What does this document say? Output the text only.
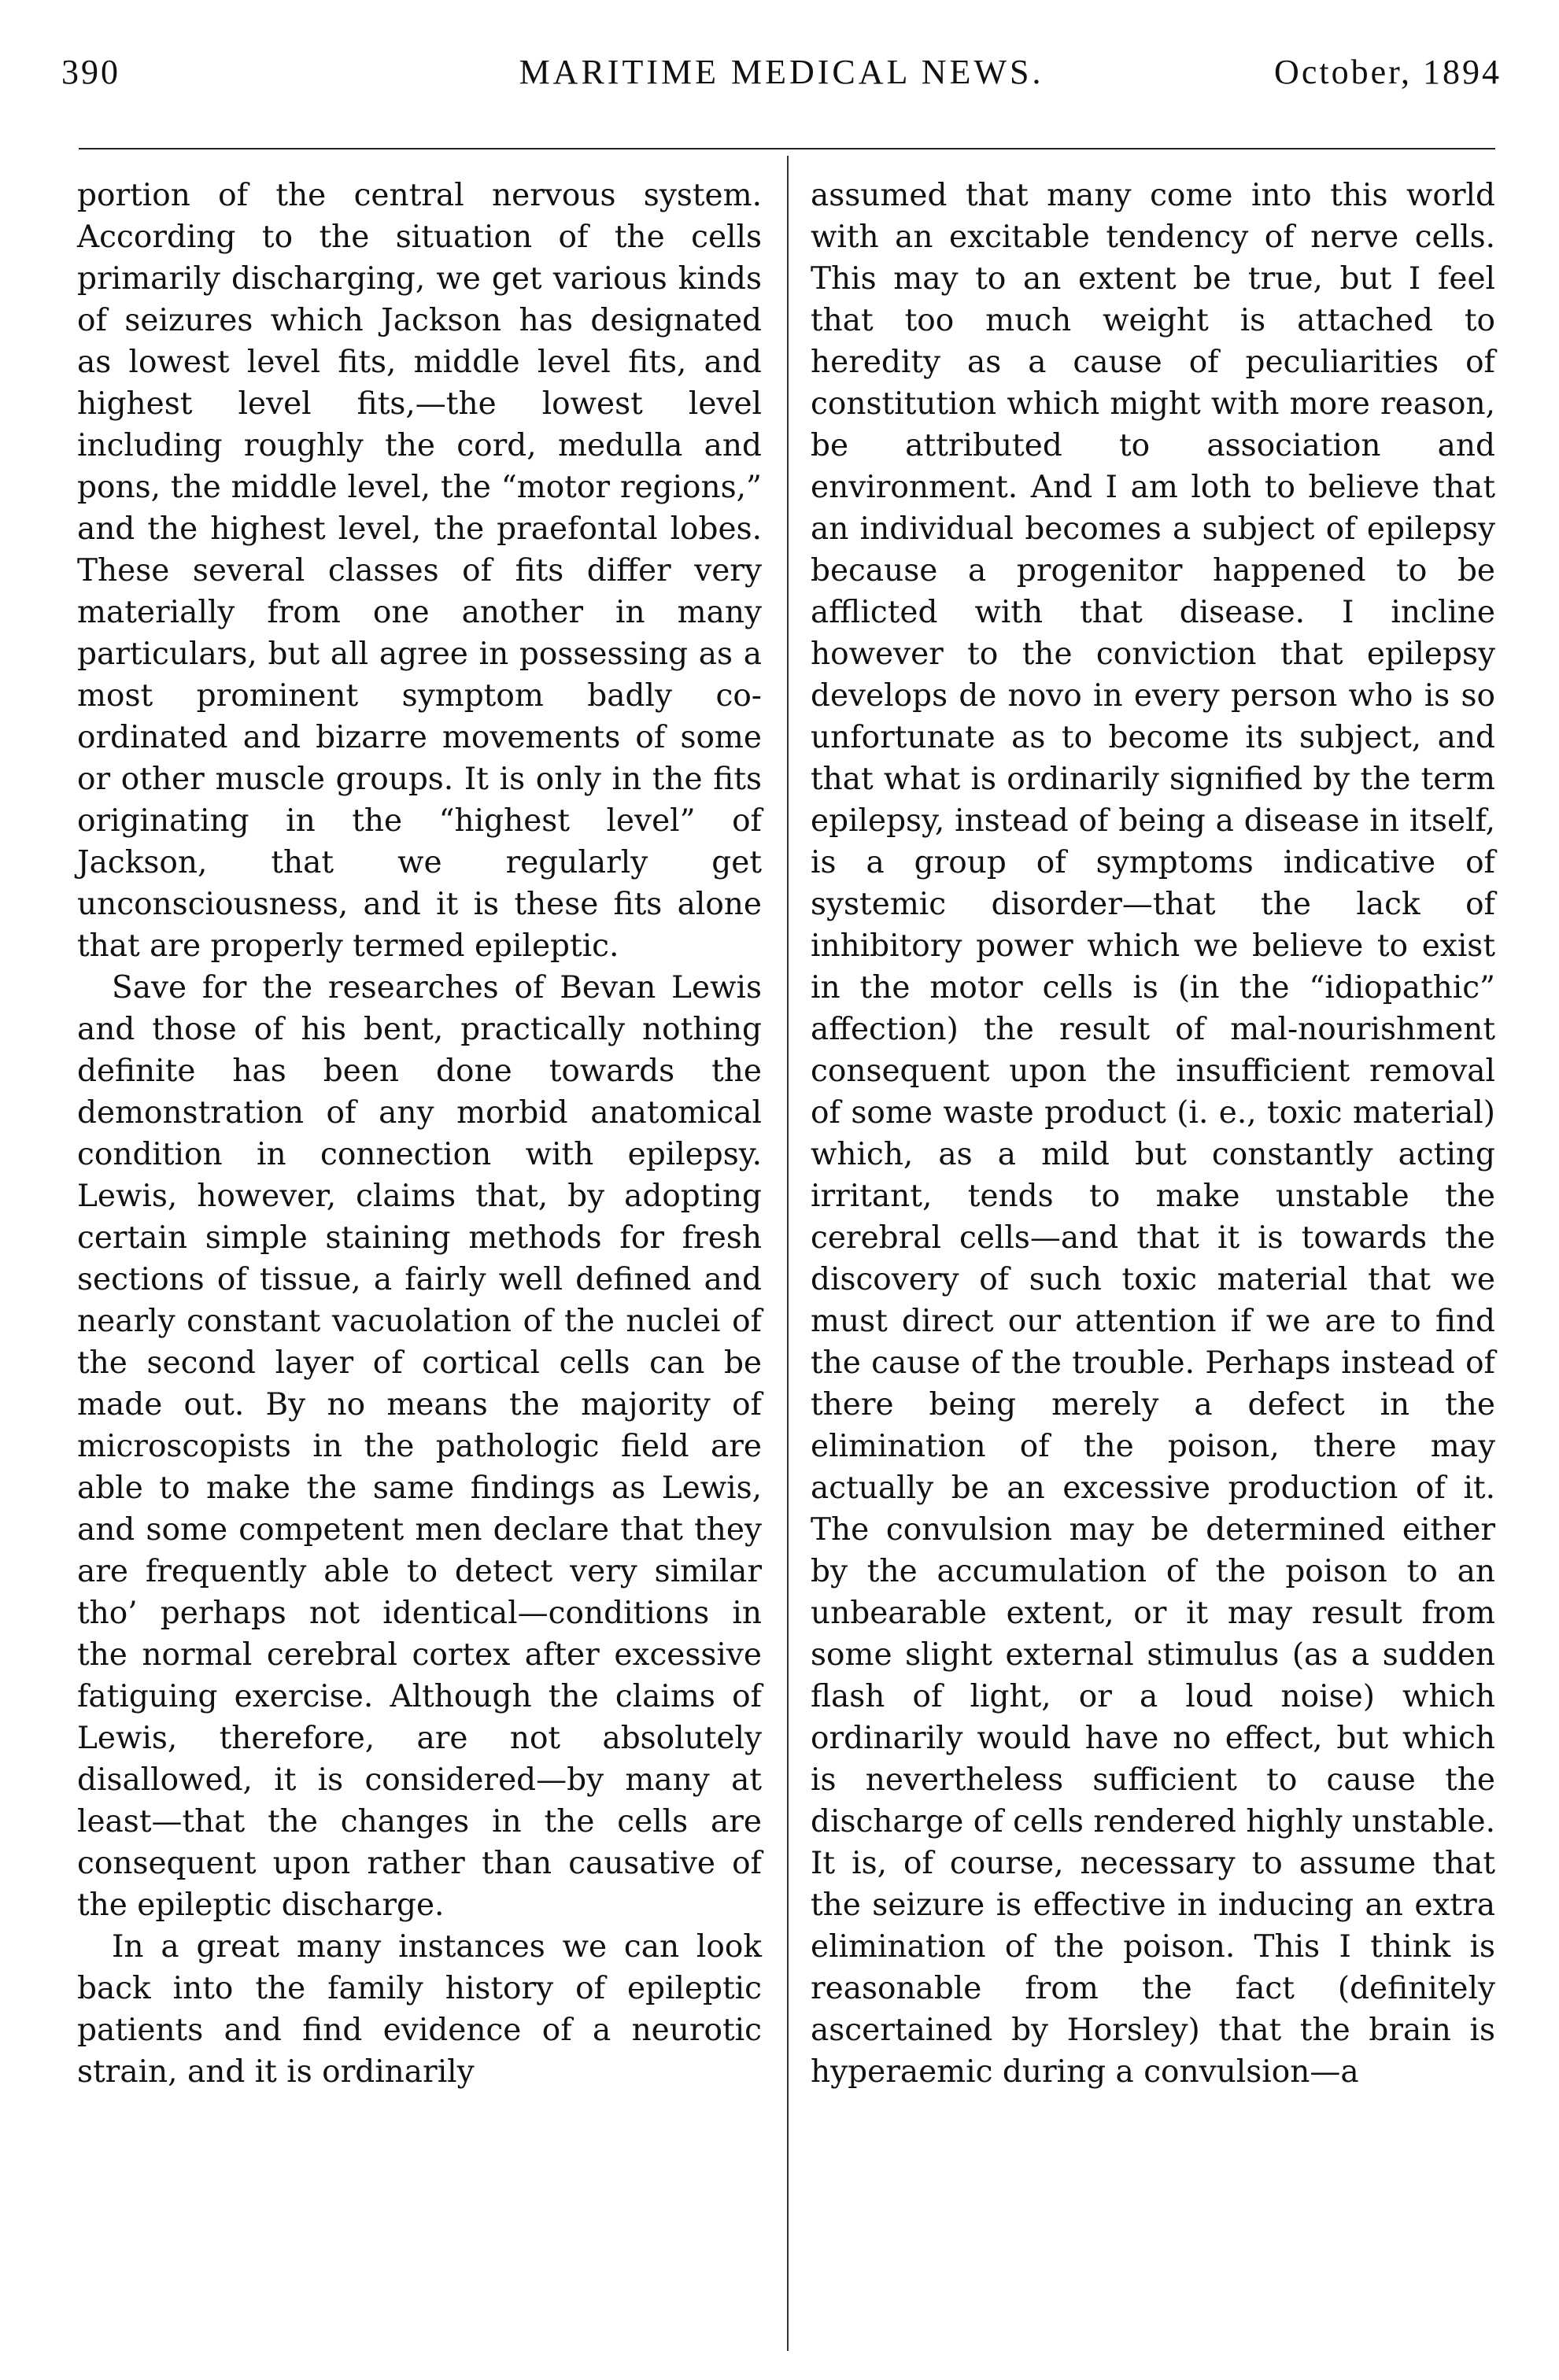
390	MARITIME MEDICAL NEWS.	October, 1894

portion of the central nervous system. According to the situation of the cells primarily discharging, we get various kinds of seizures which Jackson has designated as lowest level fits, middle level fits, and highest level fits,—the lowest level including roughly the cord, medulla and pons, the middle level, the “motor regions,” and the highest level, the praefontal lobes. These several classes of fits differ very materially from one another in many particulars, but all agree in possessing as a most prominent symptom badly co-ordinated and bizarre movements of some or other muscle groups. It is only in the fits originating in the “highest level” of Jackson, that we regularly get unconsciousness, and it is these fits alone that are properly termed epileptic.

Save for the researches of Bevan Lewis and those of his bent, practically nothing definite has been done towards the demonstration of any morbid anatomical condition in connection with epilepsy. Lewis, however, claims that, by adopting certain simple staining methods for fresh sections of tissue, a fairly well defined and nearly constant vacuolation of the nuclei of the second layer of cortical cells can be made out. By no means the majority of microscopists in the pathologic field are able to make the same findings as Lewis, and some competent men declare that they are frequently able to detect very similar tho’ perhaps not identical—conditions in the normal cerebral cortex after excessive fatiguing exercise. Although the claims of Lewis, therefore, are not absolutely disallowed, it is considered—by many at least—that the changes in the cells are consequent upon rather than causative of the epileptic discharge.

In a great many instances we can look back into the family history of epileptic patients and find evidence of a neurotic strain, and it is ordinarily

assumed that many come into this world with an excitable tendency of nerve cells. This may to an extent be true, but I feel that too much weight is attached to heredity as a cause of peculiarities of constitution which might with more reason, be attributed to association and environment. And I am loth to believe that an individual becomes a subject of epilepsy because a progenitor happened to be afflicted with that disease. I incline however to the conviction that epilepsy develops de novo in every person who is so unfortunate as to become its subject, and that what is ordinarily signified by the term epilepsy, instead of being a disease in itself, is a group of symptoms indicative of systemic disorder—that the lack of inhibitory power which we believe to exist in the motor cells is (in the “idiopathic” affection) the result of mal-nourishment consequent upon the insufficient removal of some waste product (i. e., toxic material) which, as a mild but constantly acting irritant, tends to make unstable the cerebral cells—and that it is towards the discovery of such toxic material that we must direct our attention if we are to find the cause of the trouble. Perhaps instead of there being merely a defect in the elimination of the poison, there may actually be an excessive production of it. The convulsion may be determined either by the accumulation of the poison to an unbearable extent, or it may result from some slight external stimulus (as a sudden flash of light, or a loud noise) which ordinarily would have no effect, but which is nevertheless sufficient to cause the discharge of cells rendered highly unstable. It is, of course, necessary to assume that the seizure is effective in inducing an extra elimination of the poison. This I think is reasonable from the fact (definitely ascertained by Horsley) that the brain is hyperaemic during a convulsion—a
